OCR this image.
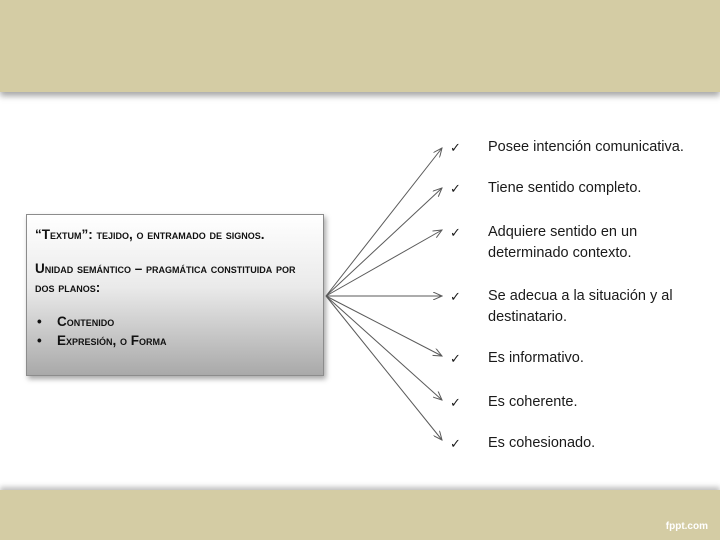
“Textum”: tejido, o entramado de signos.
Unidad semántico – pragmática constituida por dos planos:
• Contenido
• Expresión, o Forma
✓ Posee intención comunicativa.
✓ Tiene sentido completo.
✓ Adquiere sentido en un determinado contexto.
✓ Se adecua a la situación y al destinatario.
✓ Es informativo.
✓ Es coherente.
✓ Es cohesionado.
fppt.com
